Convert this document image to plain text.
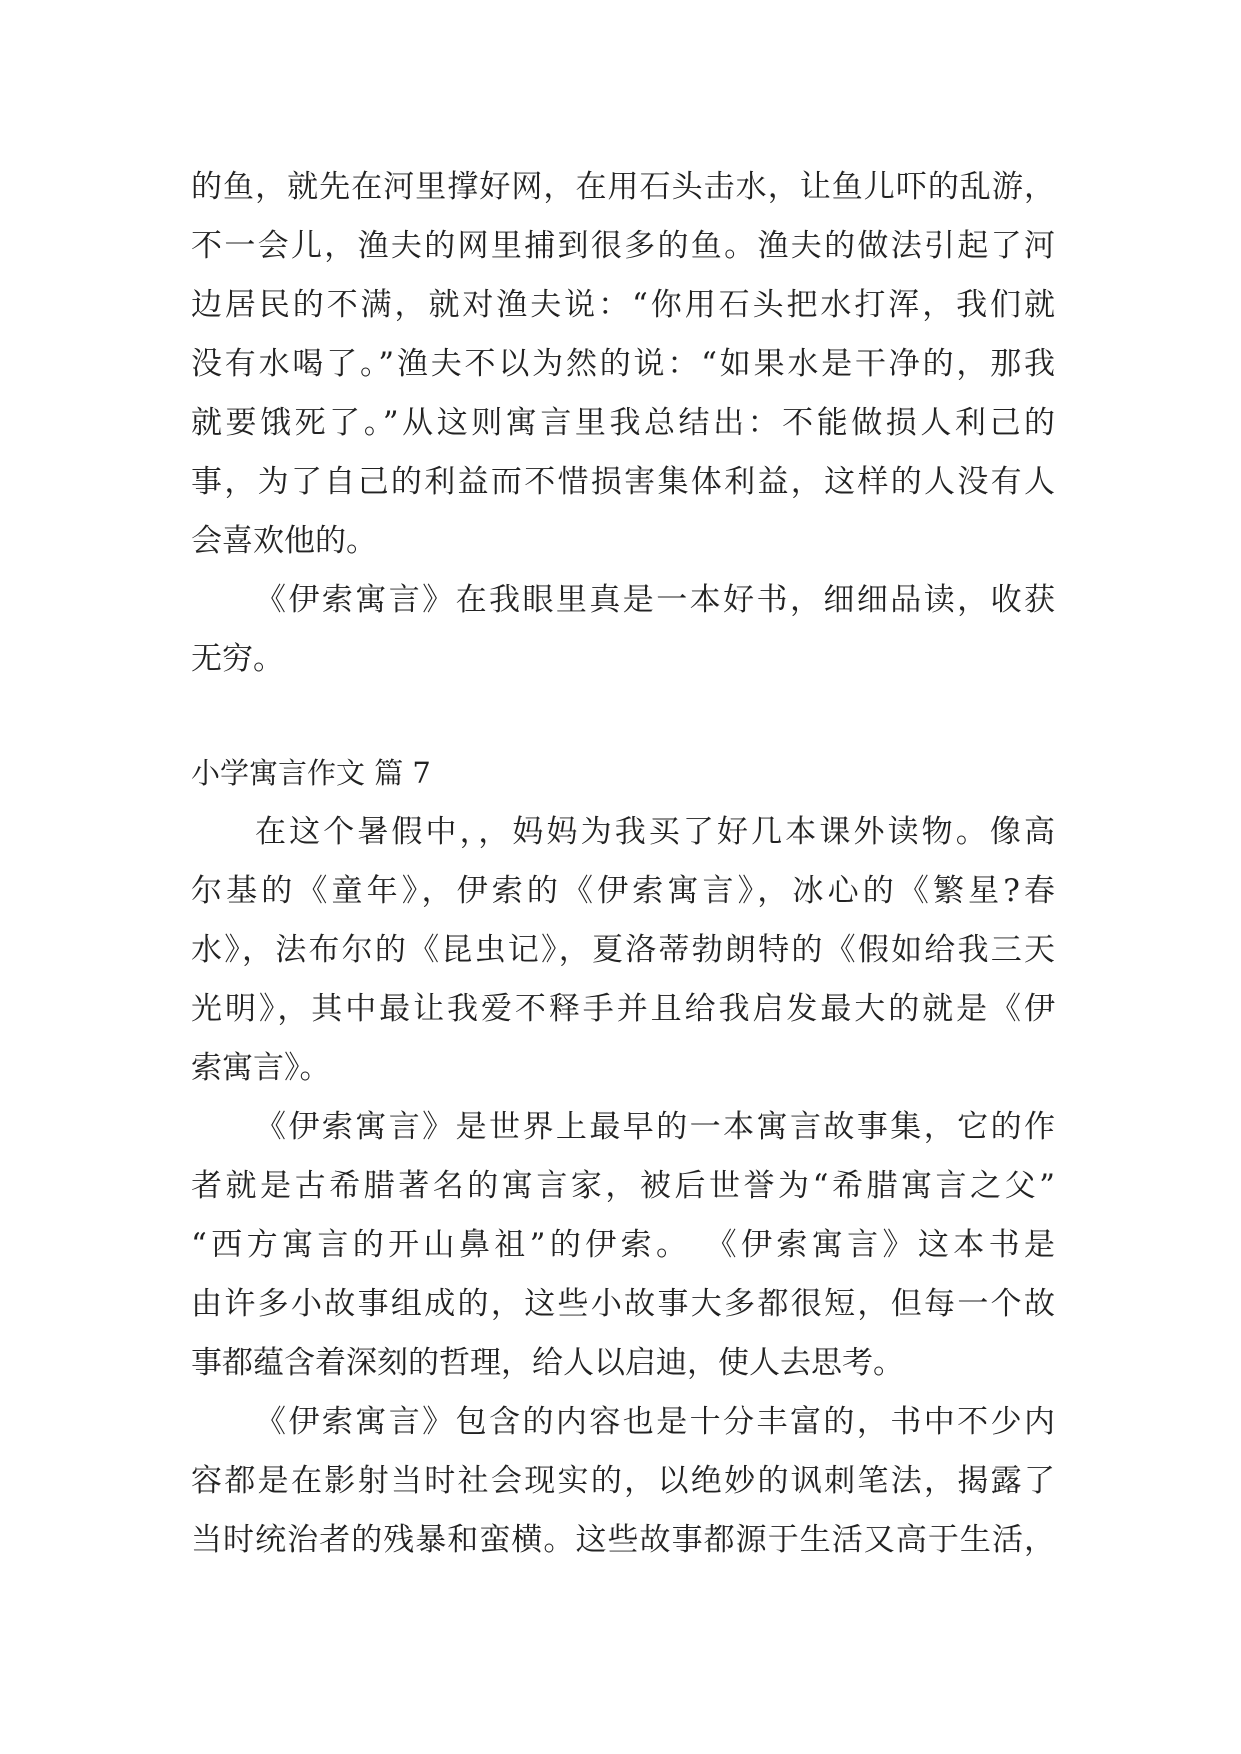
的鱼，就先在河里撑好网，在用石头击水，让鱼儿吓的乱游，
不一会儿，渔夫的网里捕到很多的鱼。渔夫的做法引起了河
边居民的不满，就对渔夫说：“你用石头把水打浑，我们就
没有水喝了。”渔夫不以为然的说：“如果水是干净的，那我
就要饿死了。”从这则寓言里我总结出：不能做损人利己的
事，为了自己的利益而不惜损害集体利益，这样的人没有人
会喜欢他的。
《伊索寓言》在我眼里真是一本好书，细细品读，收获
无穷。
小学寓言作文 篇 7
在这个暑假中，，妈妈为我买了好几本课外读物。像高
尔基的《童年》，伊索的《伊索寓言》，冰心的《繁星?春
水》，法布尔的《昆虫记》，夏洛蒂勃朗特的《假如给我三天
光明》，其中最让我爱不释手并且给我启发最大的就是《伊
索寓言》。
《伊索寓言》是世界上最早的一本寓言故事集，它的作
者就是古希腊著名的寓言家，被后世誉为“希腊寓言之父”
“西方寓言的开山鼻祖”的伊索。 《伊索寓言》这本书是
由许多小故事组成的，这些小故事大多都很短，但每一个故
事都蕴含着深刻的哲理，给人以启迪，使人去思考。
《伊索寓言》包含的内容也是十分丰富的，书中不少内
容都是在影射当时社会现实的，以绝妙的讽刺笔法，揭露了
当时统治者的残暴和蛮横。这些故事都源于生活又高于生活，
